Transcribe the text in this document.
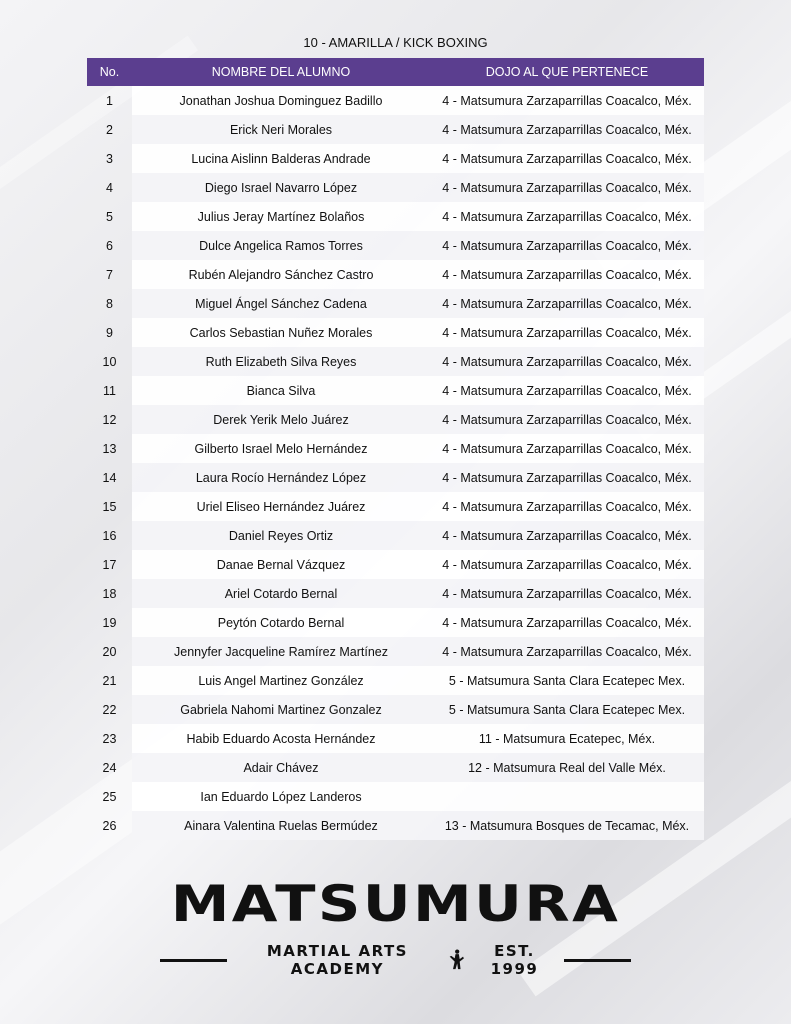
10 - AMARILLA / KICK BOXING
No.	NOMBRE DEL ALUMNO	DOJO AL QUE PERTENECE
1	Jonathan Joshua Dominguez Badillo	4 - Matsumura Zarzaparrillas Coacalco, Méx.
2	Erick Neri Morales	4 - Matsumura Zarzaparrillas Coacalco, Méx.
3	Lucina Aislinn Balderas Andrade	4 - Matsumura Zarzaparrillas Coacalco, Méx.
4	Diego Israel Navarro López	4 - Matsumura Zarzaparrillas Coacalco, Méx.
5	Julius Jeray Martínez Bolaños	4 - Matsumura Zarzaparrillas Coacalco, Méx.
6	Dulce Angelica Ramos Torres	4 - Matsumura Zarzaparrillas Coacalco, Méx.
7	Rubén Alejandro Sánchez Castro	4 - Matsumura Zarzaparrillas Coacalco, Méx.
8	Miguel Ángel Sánchez Cadena	4 - Matsumura Zarzaparrillas Coacalco, Méx.
9	Carlos Sebastian Nuñez Morales	4 - Matsumura Zarzaparrillas Coacalco, Méx.
10	Ruth Elizabeth Silva Reyes	4 - Matsumura Zarzaparrillas Coacalco, Méx.
11	Bianca Silva	4 - Matsumura Zarzaparrillas Coacalco, Méx.
12	Derek Yerik Melo Juárez	4 - Matsumura Zarzaparrillas Coacalco, Méx.
13	Gilberto Israel Melo Hernández	4 - Matsumura Zarzaparrillas Coacalco, Méx.
14	Laura Rocío Hernández López	4 - Matsumura Zarzaparrillas Coacalco, Méx.
15	Uriel Eliseo Hernández Juárez	4 - Matsumura Zarzaparrillas Coacalco, Méx.
16	Daniel Reyes Ortiz	4 - Matsumura Zarzaparrillas Coacalco, Méx.
17	Danae Bernal Vázquez	4 - Matsumura Zarzaparrillas Coacalco, Méx.
18	Ariel Cotardo Bernal	4 - Matsumura Zarzaparrillas Coacalco, Méx.
19	Peytón Cotardo Bernal	4 - Matsumura Zarzaparrillas Coacalco, Méx.
20	Jennyfer Jacqueline Ramírez Martínez	4 - Matsumura Zarzaparrillas Coacalco, Méx.
21	Luis Angel Martinez González	5 - Matsumura Santa Clara Ecatepec Mex.
22	Gabriela Nahomi Martinez Gonzalez	5 - Matsumura Santa Clara Ecatepec Mex.
23	Habib Eduardo Acosta Hernández	11 - Matsumura Ecatepec, Méx.
24	Adair Chávez	12 - Matsumura Real del Valle Méx.
25	Ian Eduardo López Landeros	
26	Ainara Valentina Ruelas Bermúdez	13 - Matsumura Bosques de Tecamac, Méx.
MATSUMURA
MARTIAL ARTS ACADEMY
EST. 1999
